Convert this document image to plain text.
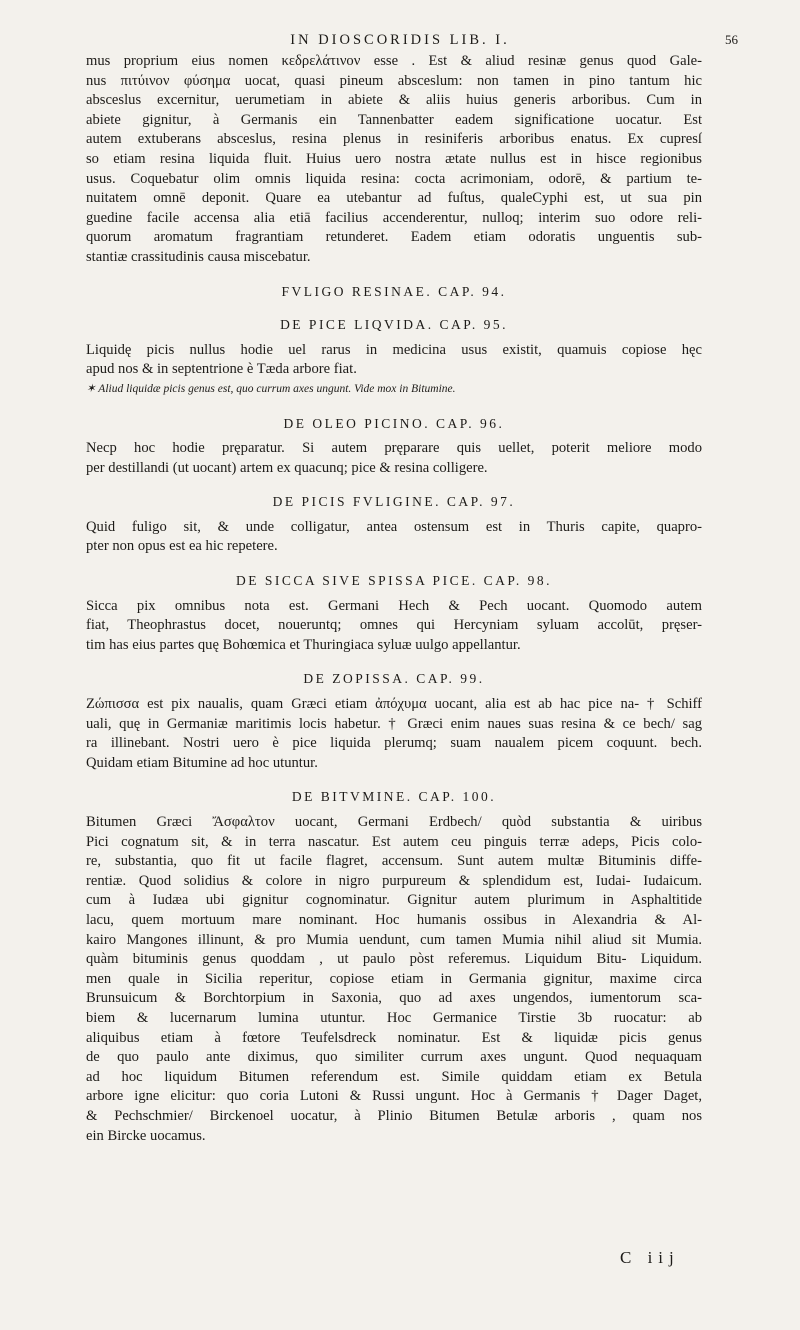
IN DIOSCORIDIS LIB. I.	56
mus proprium eius nomen κεδρελάτινον esse . Est & aliud resinæ genus quod Gale-
nus πιτύινον φύσημα uocat, quasi pineum absceslum: non tamen in pino tantum hic
absceslus excernitur, uerumetiam in abiete & aliis huius generis arboribus. Cum in
abiete gignitur, à Germanis ein Tannenbatter eadem significatione uocatur. Est
autem extuberans absceslus, resina plenus in resiniferis arboribus enatus. Ex cupresſ
so etiam resina liquida fluit. Huius uero nostra ætate nullus est in hisce regionibus
usus. Coquebatur olim omnis liquida resina: cocta acrimoniam, odorē, & partium te-
nuitatem omnē deponit. Quare ea utebantur ad fuſtus, qualeCyphi est, ut sua pin
guedine facile accensa alia etiā facilius accenderentur, nulloq; interim suo odore reli-
quorum aromatum fragrantiam retunderet. Eadem etiam odoratis unguentis sub-
stantiæ crassitudinis causa miscebatur.
FVLIGO RESINAE. CAP. 94.
DE PICE LIQVIDA. CAP. 95.
Liquidę picis nullus hodie uel rarus in medicina usus existit, quamuis copiose hęc
apud nos & in septentrione è Tæda arbore fiat.
✶ Aliud liquidæ picis genus est, quo currum axes ungunt. Vide mox in Bitumine.
DE OLEO PICINO. CAP. 96.
Necp hoc hodie pręparatur. Si autem pręparare quis uellet, poterit meliore modo
per destillandi (ut uocant) artem ex quacunq; pice & resina colligere.
DE PICIS FVLIGINE. CAP. 97.
Quid fuligo sit, & unde colligatur, antea ostensum est in Thuris capite, quapro-
pter non opus est ea hic repetere.
DE SICCA SIVE SPISSA PICE. CAP. 98.
Sicca pix omnibus nota est. Germani Hech & Pech uocant. Quomodo autem
fiat, Theophrastus docet, noueruntq; omnes qui Hercyniam syluam accolūt, pręser-
tim has eius partes quę Bohœmica et Thuringiaca syluæ uulgo appellantur.
DE ZOPISSA. CAP. 99.
Ζώπισσα est pix naualis, quam Græci etiam ἀπόχυμα uocant, alia est ab hac pice na- † Schiff
uali, quę in Germaniæ maritimis locis habetur. † Græci enim naues suas resina & ce bech/ sag
ra illinebant. Nostri uero è pice liquida plerumq; suam naualem picem coquunt. bech.
Quidam etiam Bitumine ad hoc utuntur.
DE BITVMINE. CAP. 100.
Bitumen Græci Ἄσφαλτον uocant, Germani Erdbech/ quòd substantia & uiribus
Pici cognatum sit, & in terra nascatur. Est autem ceu pinguis terræ adeps, Picis colo-
re, substantia, quo fit ut facile flagret, accensum. Sunt autem multæ Bituminis diffe-
rentiæ. Quod solidius & colore in nigro purpureum & splendidum est, Iudai- Iudaicum.
cum à Iudæa ubi gignitur cognominatur. Gignitur autem plurimum in Asphaltitide
lacu, quem mortuum mare nominant. Hoc humanis ossibus in Alexandria & Al-
kairo Mangones illinunt, & pro Mumia uendunt, cum tamen Mumia nihil aliud sit Mumia.
quàm bituminis genus quoddam , ut paulo pòst referemus. Liquidum Bitu- Liquidum.
men quale in Sicilia reperitur, copiose etiam in Germania gignitur, maxime circa
Brunsuicum & Borchtorpium in Saxonia, quo ad axes ungendos, iumentorum sca-
biem & lucernarum lumina utuntur. Hoc Germanice Tirstie 3b ruocatur: ab
aliquibus etiam à fœtore Teufelsdreck nominatur. Est & liquidæ picis genus
de quo paulo ante diximus, quo similiter currum axes ungunt. Quod nequaquam
ad hoc liquidum Bitumen referendum est. Simile quiddam etiam ex Betula
arbore igne elicitur: quo coria Lutoni & Russi ungunt. Hoc à Germanis † Dager Daget,
& Pechschmier/ Birckenoel uocatur, à Plinio Bitumen Betulæ arboris , quam nos
ein Bircke uocamus.
C iij
